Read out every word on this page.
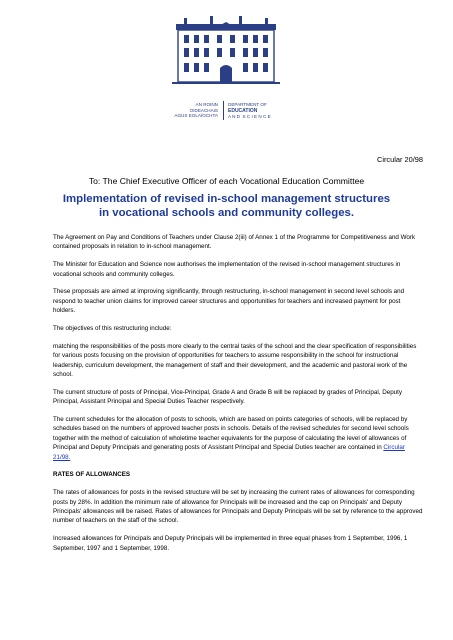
AN ROINN
OIDEACHAIS
AGUS EOLAÍOCHTA
DEPARTMENT OF
EDUCATION
A N D  S C I E N C E
Circular 20/98
To: The Chief Executive Officer of each Vocational Education Committee
Implementation of revised in-school management structures
in vocational schools and community colleges.

The Agreement on Pay and Conditions of Teachers under Clause 2(iii) of Annex 1 of the Programme for Competitiveness and Work contained proposals in relation to in-school management.

The Minister for Education and Science now authorises the implementation of the revised in-school management structures in vocational schools and community colleges.

These proposals are aimed at improving significantly, through restructuring, in-school management in second level schools and respond to teacher union claims for improved career structures and opportunities for teachers and increased payment for post holders.

The objectives of this restructuring include:

matching the responsibilities of the posts more clearly to the central tasks of the school and the clear specification of responsibilities for various posts focusing on the provision of opportunities for teachers to assume responsibility in the school for instructional leadership, curriculum development, the management of staff and their development, and the academic and pastoral work of the school.

The current structure of posts of Principal, Vice-Principal, Grade A and Grade B will be replaced by grades of Principal, Deputy Principal, Assistant Principal and Special Duties Teacher respectively.

The current schedules for the allocation of posts to schools, which are based on points categories of schools, will be replaced by schedules based on the numbers of approved teacher posts in schools. Details of the revised schedules for second level schools together with the method of calculation of wholetime teacher equivalents for the purpose of calculating the level of allowances of Principal and Deputy Principals and generating posts of Assistant Principal and Special Duties teacher are contained in Circular 21/98.

RATES OF ALLOWANCES

The rates of allowances for posts in the revised structure will be set by increasing the current rates of allowances for corresponding posts by 28%. In addition the minimum rate of allowance for Principals will be increased and the cap on Principals' and Deputy Principals' allowances will be raised. Rates of allowances for Principals and Deputy Principals will be set by reference to the approved number of teachers on the staff of the school.

Increased allowances for Principals and Deputy Principals will be implemented in three equal phases from 1 September, 1996, 1 September, 1997 and 1 September, 1998.
